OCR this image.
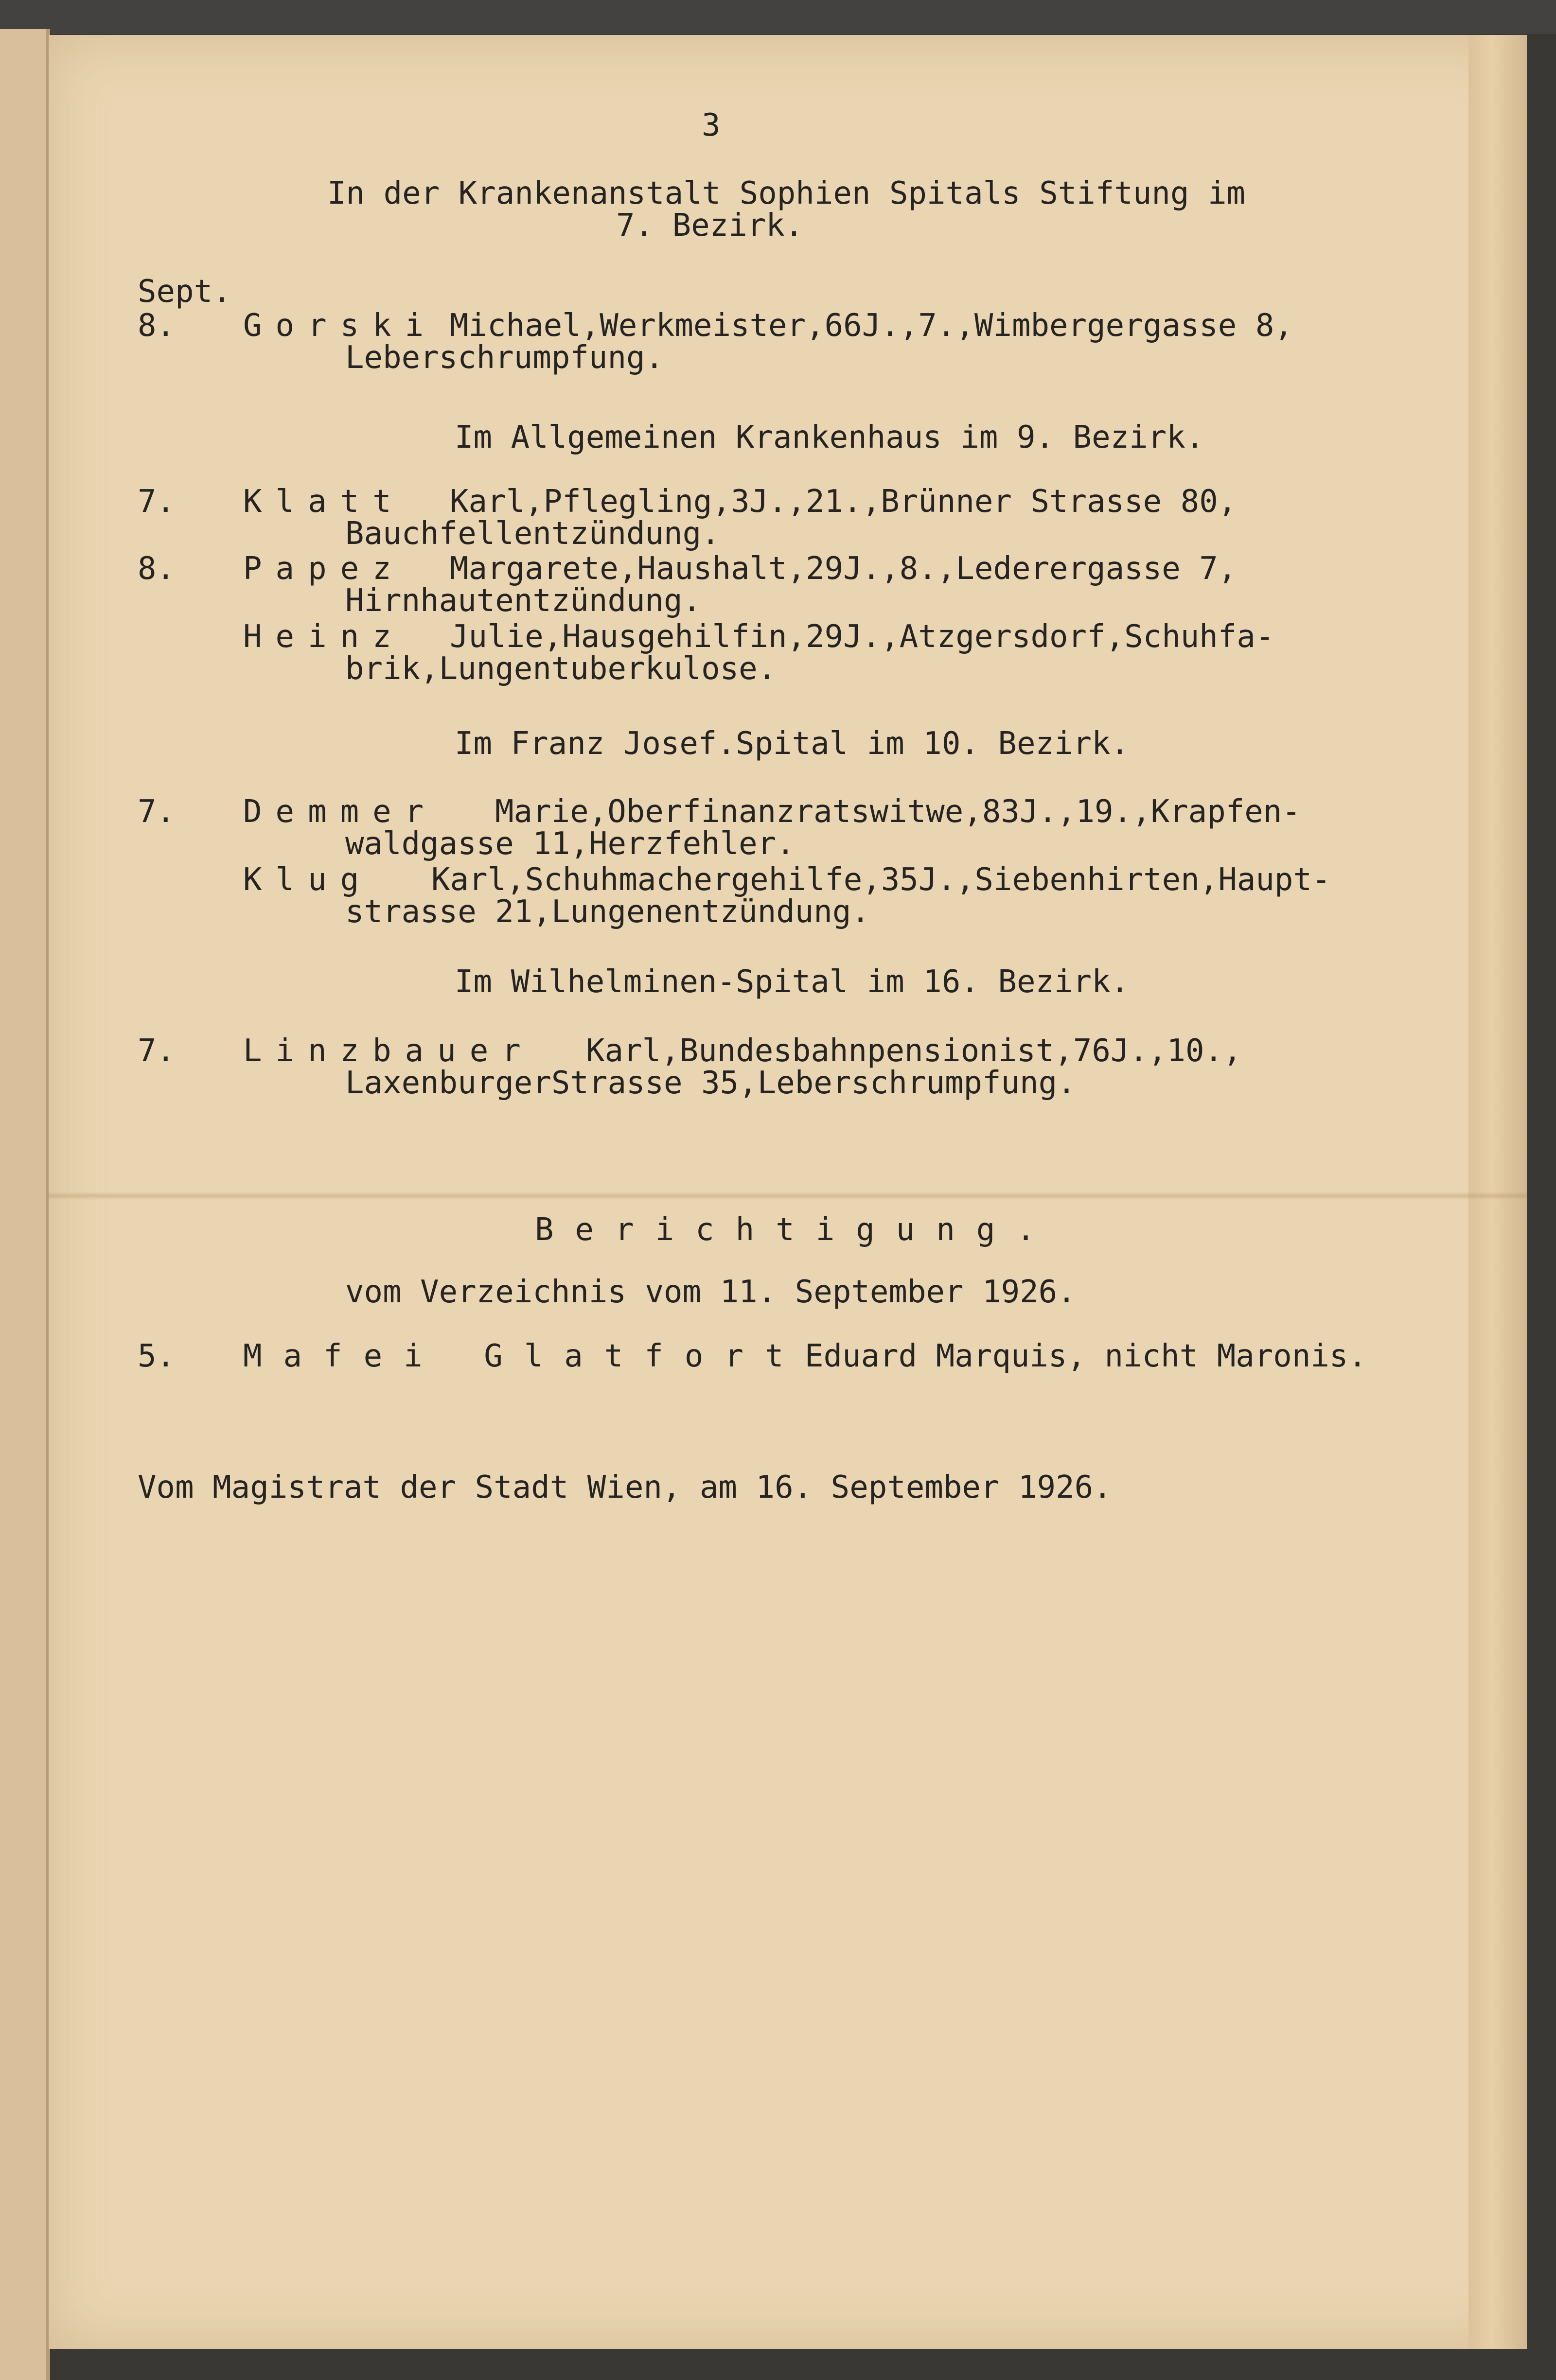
3
In der Krankenanstalt Sophien Spitals Stiftung im
7. Bezirk.
Sept.
8. Gorski Michael,Werkmeister,66J.,7.,Wimbergergasse 8,
Leberschrumpfung.
Im Allgemeinen Krankenhaus im 9. Bezirk.
7. Klatt Karl,Pflegling,3J.,21.,Brünner Strasse 80,
Bauchfellentzündung.
8. Papez Margarete,Haushalt,29J.,8.,Lederergasse 7,
Hirnhautentzündung.
Heinz Julie,Hausgehilfin,29J.,Atzgersdorf,Schuhfa-
brik,Lungentuberkulose.
Im Franz Josef.Spital im 10. Bezirk.
7. Demmer Marie,Oberfinanzratswitwe,83J.,19.,Krapfen-
waldgasse 11,Herzfehler.
Klug Karl,Schuhmachergehilfe,35J.,Siebenhirten,Haupt-
strasse 21,Lungenentzündung.
Im Wilhelminen-Spital im 16. Bezirk.
7. Linzbauer Karl,Bundesbahnpensionist,76J.,10.,
LaxenburgerStrasse 35,Leberschrumpfung.
Berichtigung.
vom Verzeichnis vom 11. September 1926.
5. Mafei Glatfort Eduard Marquis, nicht Maronis.
Vom Magistrat der Stadt Wien, am 16. September 1926.
